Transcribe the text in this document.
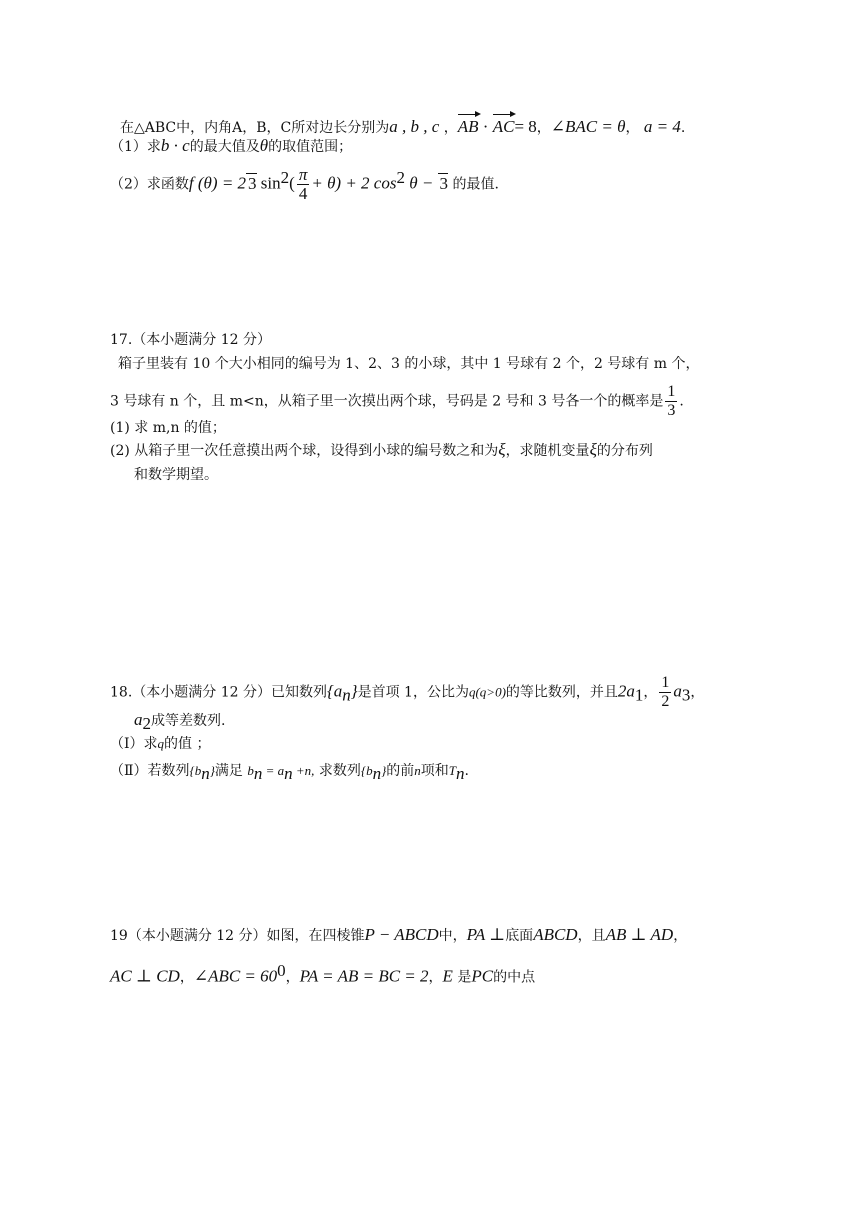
在△ABC中，内角A，B，C所对边长分别为a , b , c ，AB · AC= 8，∠BAC = θ， a = 4.
（1）求b · c的最大值及θ的取值范围；
（2）求函数f (θ) = 2 3 $\sin^2( \frac{\pi}{4} + \theta) + 2$ $\cos^2 \theta - 3$ 的最值.
17.（本小题满分 12 分）
箱子里装有 10 个大小相同的编号为 1、2、3 的小球，其中 1 号球有 2 个，2 号球有 m 个，
3 号球有 n 个，且 m<n，从箱子里一次摸出两个球，号码是 2 号和 3 号各一个的概率是 $\frac{1}{3}$ .
(1) 求 m,n 的值；
(2) 从箱子里一次任意摸出两个球，设得到小球的编号数之和为ξ，求随机变量ξ的分布列
和数学期望。
18.（本小题满分 12 分）已知数列$\{a_n\}$是首项 1，公比为q(q>0)的等比数列，并且$2a_1$， $\frac{1}{2} a_3$，
$a_2$成等差数列.
（Ⅰ）求q的值 ；
（Ⅱ）若数列$\{b_n\}$满足 $b_n = a_n +n$, 求数列$\{b_n\}$的前n项和$T_n$.
19（本小题满分 12 分）如图，在四棱锥P − ABCD中，PA ⊥底面ABCD，且AB ⊥ AD，
AC ⊥ CD，∠ABC = $60^0$，PA = AB = BC = 2，E 是PC的中点
